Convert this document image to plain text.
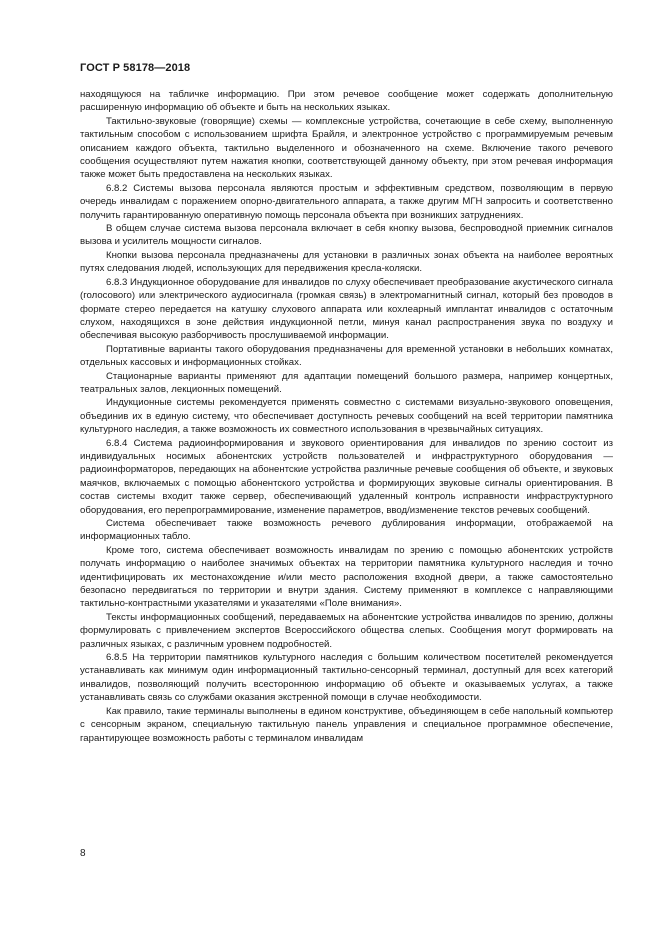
ГОСТ Р 58178—2018

находящуюся на табличке информацию. При этом речевое сообщение может содержать дополнительную расширенную информацию об объекте и быть на нескольких языках.

Тактильно-звуковые (говорящие) схемы — комплексные устройства, сочетающие в себе схему, выполненную тактильным способом с использованием шрифта Брайля, и электронное устройство с программируемым речевым описанием каждого объекта, тактильно выделенного и обозначенного на схеме. Включение такого речевого сообщения осуществляют путем нажатия кнопки, соответствующей данному объекту, при этом речевая информация также может быть предоставлена на нескольких языках.

6.8.2 Системы вызова персонала являются простым и эффективным средством, позволяющим в первую очередь инвалидам с поражением опорно-двигательного аппарата, а также другим МГН запросить и соответственно получить гарантированную оперативную помощь персонала объекта при возникших затруднениях.

В общем случае система вызова персонала включает в себя кнопку вызова, беспроводной приемник сигналов вызова и усилитель мощности сигналов.

Кнопки вызова персонала предназначены для установки в различных зонах объекта на наиболее вероятных путях следования людей, использующих для передвижения кресла-коляски.

6.8.3 Индукционное оборудование для инвалидов по слуху обеспечивает преобразование акустического сигнала (голосового) или электрического аудиосигнала (громкая связь) в электромагнитный сигнал, который без проводов в формате стерео передается на катушку слухового аппарата или кохлеарный имплантат инвалидов с остаточным слухом, находящихся в зоне действия индукционной петли, минуя канал распространения звука по воздуху и обеспечивая высокую разборчивость прослушиваемой информации.

Портативные варианты такого оборудования предназначены для временной установки в небольших комнатах, отдельных кассовых и информационных стойках.

Стационарные варианты применяют для адаптации помещений большого размера, например концертных, театральных залов, лекционных помещений.

Индукционные системы рекомендуется применять совместно с системами визуально-звукового оповещения, объединив их в единую систему, что обеспечивает доступность речевых сообщений на всей территории памятника культурного наследия, а также возможность их совместного использования в чрезвычайных ситуациях.

6.8.4 Система радиоинформирования и звукового ориентирования для инвалидов по зрению состоит из индивидуальных носимых абонентских устройств пользователей и инфраструктурного оборудования — радиоинформаторов, передающих на абонентские устройства различные речевые сообщения об объекте, и звуковых маячков, включаемых с помощью абонентского устройства и формирующих звуковые сигналы ориентирования. В состав системы входит также сервер, обеспечивающий удаленный контроль исправности инфраструктурного оборудования, его перепрограммирование, изменение параметров, ввод/изменение текстов речевых сообщений.

Система обеспечивает также возможность речевого дублирования информации, отображаемой на информационных табло.

Кроме того, система обеспечивает возможность инвалидам по зрению с помощью абонентских устройств получать информацию о наиболее значимых объектах на территории памятника культурного наследия и точно идентифицировать их местонахождение и/или место расположения входной двери, а также самостоятельно безопасно передвигаться по территории и внутри здания. Системy применяют в комплексе с направляющими тактильно-контрастными указателями и указателями «Поле внимания».

Тексты информационных сообщений, передаваемых на абонентские устройства инвалидов по зрению, должны формулировать с привлечением экспертов Всероссийского общества слепых. Сообщения могут формировать на различных языках, с различным уровнем подробностей.

6.8.5 На территории памятников культурного наследия с большим количеством посетителей рекомендуется устанавливать как минимум один информационный тактильно-сенсорный терминал, доступный для всех категорий инвалидов, позволяющий получить всестороннюю информацию об объекте и оказываемых услугах, а также устанавливать связь со службами оказания экстренной помощи в случае необходимости.

Как правило, такие терминалы выполнены в едином конструктиве, объединяющем в себе напольный компьютер с сенсорным экраном, специальную тактильную панель управления и специальное программное обеспечение, гарантирующее возможность работы с терминалом инвалидам

8
